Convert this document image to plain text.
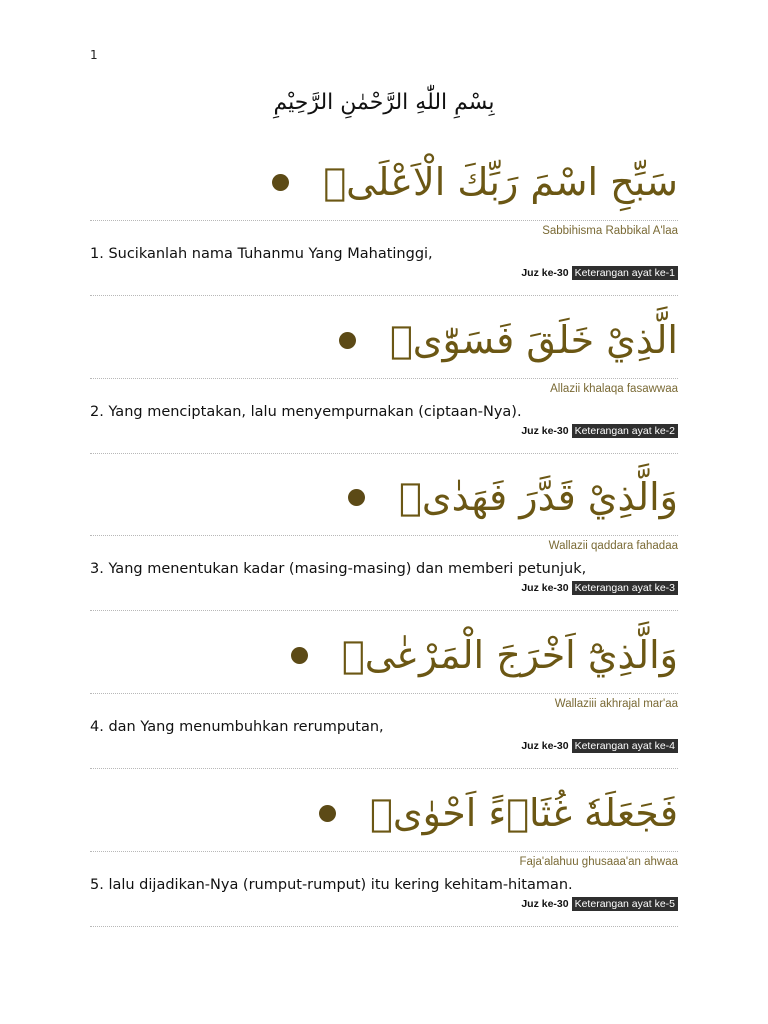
1
بِسْمِ اللّٰهِ الرَّحْمٰنِ الرَّحِيْمِ
سَبِّحِ اسْمَ رَبِّكَ الْاَعْلَىۙ
Sabbihisma Rabbikal A'laa
1. Sucikanlah nama Tuhanmu Yang Mahatinggi,
Juz ke-30 Keterangan ayat ke-1
الَّذِيْ خَلَقَ فَسَوّٰىۖ
Allazii khalaqa fasawwaa
2. Yang menciptakan, lalu menyempurnakan (ciptaan-Nya).
Juz ke-30 Keterangan ayat ke-2
وَالَّذِيْ قَدَّرَ فَهَدٰىۖ
Wallazii qaddara fahadaa
3. Yang menentukan kadar (masing-masing) dan memberi petunjuk,
Juz ke-30 Keterangan ayat ke-3
وَالَّذِيْٓ اَخْرَجَ الْمَرْعٰىۖ
Wallaziii akhrajal mar'aa
4. dan Yang menumbuhkan rerumputan,
Juz ke-30 Keterangan ayat ke-4
فَجَعَلَهٗ غُثَاۤءً اَحْوٰىۗ
Faja'alahuu ghusaaa'an ahwaa
5. lalu dijadikan-Nya (rumput-rumput) itu kering kehitam-hitaman.
Juz ke-30 Keterangan ayat ke-5
